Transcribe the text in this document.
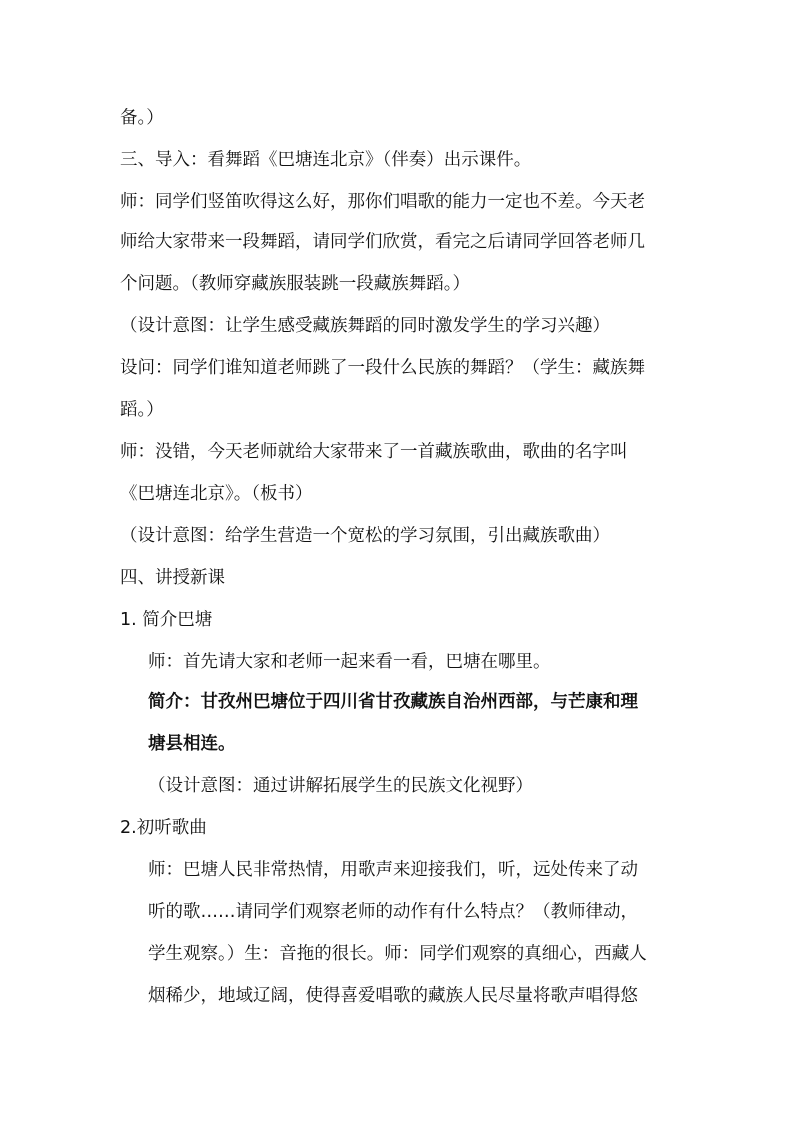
备。）
三、导入：看舞蹈《巴塘连北京》（伴奏）出示课件。
师：同学们竖笛吹得这么好，那你们唱歌的能力一定也不差。今天老
师给大家带来一段舞蹈，请同学们欣赏，看完之后请同学回答老师几
个问题。（教师穿藏族服装跳一段藏族舞蹈。）
（设计意图：让学生感受藏族舞蹈的同时激发学生的学习兴趣）
设问：同学们谁知道老师跳了一段什么民族的舞蹈？（学生：藏族舞
蹈。）
师：没错，今天老师就给大家带来了一首藏族歌曲，歌曲的名字叫
《巴塘连北京》。（板书）
（设计意图：给学生营造一个宽松的学习氛围，引出藏族歌曲）
四、讲授新课
1. 简介巴塘
师：首先请大家和老师一起来看一看，巴塘在哪里。
简介：甘孜州巴塘位于四川省甘孜藏族自治州西部，与芒康和理
塘县相连。
（设计意图：通过讲解拓展学生的民族文化视野）
2.初听歌曲
师：巴塘人民非常热情，用歌声来迎接我们，听，远处传来了动
听的歌……请同学们观察老师的动作有什么特点？（教师律动，
学生观察。）生：音拖的很长。师：同学们观察的真细心，西藏人
烟稀少，地域辽阔，使得喜爱唱歌的藏族人民尽量将歌声唱得悠
